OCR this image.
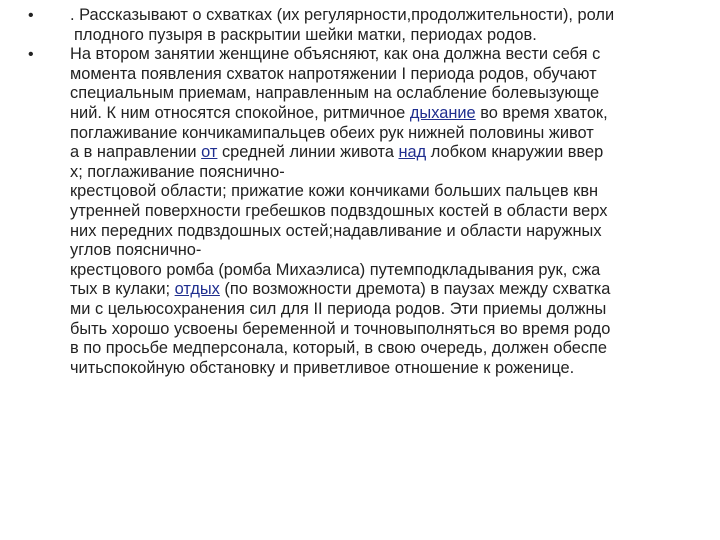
• . Рассказывают о схватках (их регулярности,продолжительности), роли
плодного пузыря в раскрытии шейки матки, периодах родов.
• На втором занятии женщине объясняют, как она должна вести себя с
момента появления схваток напротяжении I периода родов, обучают
специальным приемам, направленным на ослабление болевызующе
ний. К ним относятся спокойное, ритмичное дыхание во время хваток,
поглаживание кончикамипальцев обеих рук нижней половины живот
а в направлении от средней линии живота над лобком кнаружии ввер
х; поглаживание пояснично-
крестцовой области; прижатие кожи кончиками больших пальцев квн
утренней поверхности гребешков подвздошных костей в области верх
них передних подвздошных остей;надавливание и области наружных
углов пояснично-
крестцового ромба (ромба Михаэлиса) путемподкладывания рук, сжа
тых в кулаки; отдых (по возможности дремота) в паузах между схватка
ми с цельюсохранения сил для II периода родов. Эти приемы должны
быть хорошо усвоены беременной и точновыполняться во время родо
в по просьбе медперсонала, который, в свою очередь, должен обеспе
читьспокойную обстановку и приветливое отношение к роженице.
